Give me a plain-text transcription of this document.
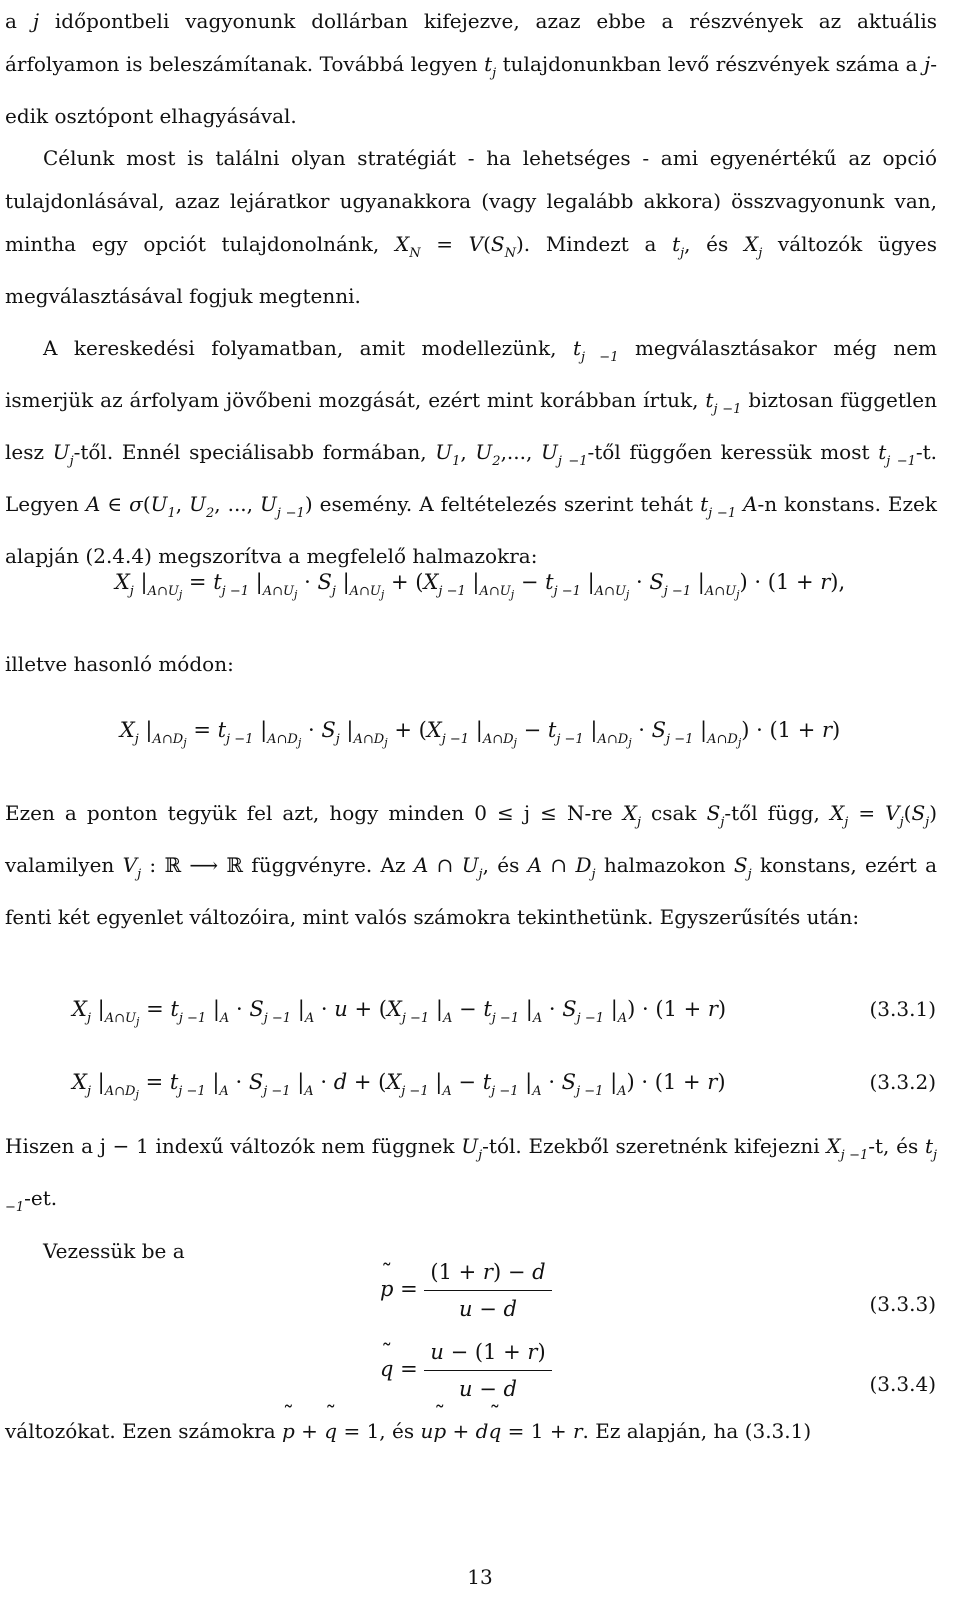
a j időpontbeli vagyonunk dollárban kifejezve, azaz ebbe a részvények az aktuális árfolyamon is beleszámítanak. Továbbá legyen $t_j$ tulajdonunkban levő részvények száma a j-edik osztópont elhagyásával.
Célunk most is találni olyan stratégiát - ha lehetséges - ami egyenértékű az opció tulajdonlásával, azaz lejáratkor ugyanakkora (vagy legalább akkora) összvagyonunk van, mintha egy opciót tulajdonolnánk, $X_N = V(S_N)$. Mindezt a $t_j$, és $X_j$ változók ügyes megválasztásával fogjuk megtenni.
A kereskedési folyamatban, amit modellezünk, $t_{j -1}$ megválasztásakor még nem ismerjük az árfolyam jövőbeni mozgását, ezért mint korábban írtuk, $t_{j -1}$ biztosan független lesz $U_j$-től. Ennél speciálisabb formában, $U_1$, $U_2$,..., $U_{j -1}$-től függően keressük most $t_{j -1}-t$. Legyen A ∈ $\sigma(U_1$, $U_2$, ..., $U_{j -1}$) esemény. A feltételezés szerint tehát $t_{j -1}$ A-n konstans. Ezek alapján (2.4.4) megszorítva a megfelelő halmazokra:
$X_j$ $|_{A\cap U_j} = t_{j -1}$ $|_{A\cap U_j} \cdot S_j$ $|_{A\cap U_j} + (X_{j -1}$ $|_{A\cap U_j} - t_{j -1}$ $|_{A\cap U_j} \cdot S_{j -1}$ $|_{A\cap U_j}) \cdot (1 + r)$,
illetve hasonló módon:
$X_j$ $|_{A\cap D_j} = t_{j -1}$ $|_{A\cap D_j} \cdot S_j$ $|_{A\cap D_j} + (X_{j -1}$ $|_{A\cap D_j} - t_{j -1}$ $|_{A\cap D_j} \cdot S_{j -1}$ $|_{A\cap D_j}) \cdot (1 + r)$
Ezen a ponton tegyük fel azt, hogy minden 0 ≤ j ≤ N-re $X_j$ csak $S_j$-től függ, $X_j = V_j(S_j)$ valamilyen $V_j$ : ℝ ⟶ ℝ függvényre. Az A ∩ $U_j$, és A ∩ $D_j$ halmazokon $S_j$ konstans, ezért a fenti két egyenlet változóira, mint valós számokra tekinthetünk. Egyszerűsítés után:
$X_j$ $|_{A\cap U_j} = t_{j -1}$ $|_A \cdot S_{j -1}$ $|_A \cdot u + (X_{j -1}$ $|_A - t_{j -1}$ $|_A \cdot S_{j -1}$ $|_A) \cdot (1 + r)$	(3.3.1)
$X_j$ $|_{A\cap D_j} = t_{j -1}$ $|_A \cdot S_{j -1}$ $|_A \cdot d + (X_{j -1}$ $|_A - t_{j -1}$ $|_A \cdot S_{j -1}$ $|_A) \cdot (1 + r)$	(3.3.2)
Hiszen a j − 1 indexű változók nem függnek $U_j$-tól. Ezekből szeretnénk kifejezni $X_{j -1}-t$, és $t_{j -1}-et$.
Vezessük be a
˜ $p = \frac{(1 + r) - d}{u - d}$	(3.3.3)
˜ $q = \frac{u - (1 + r)}{u - d}$	(3.3.4)
változókat. Ezen számokra ˜ p + ˜ q = 1, és u˜ p + d˜ q = 1 + r. Ez alapján, ha (3.3.1)
13
